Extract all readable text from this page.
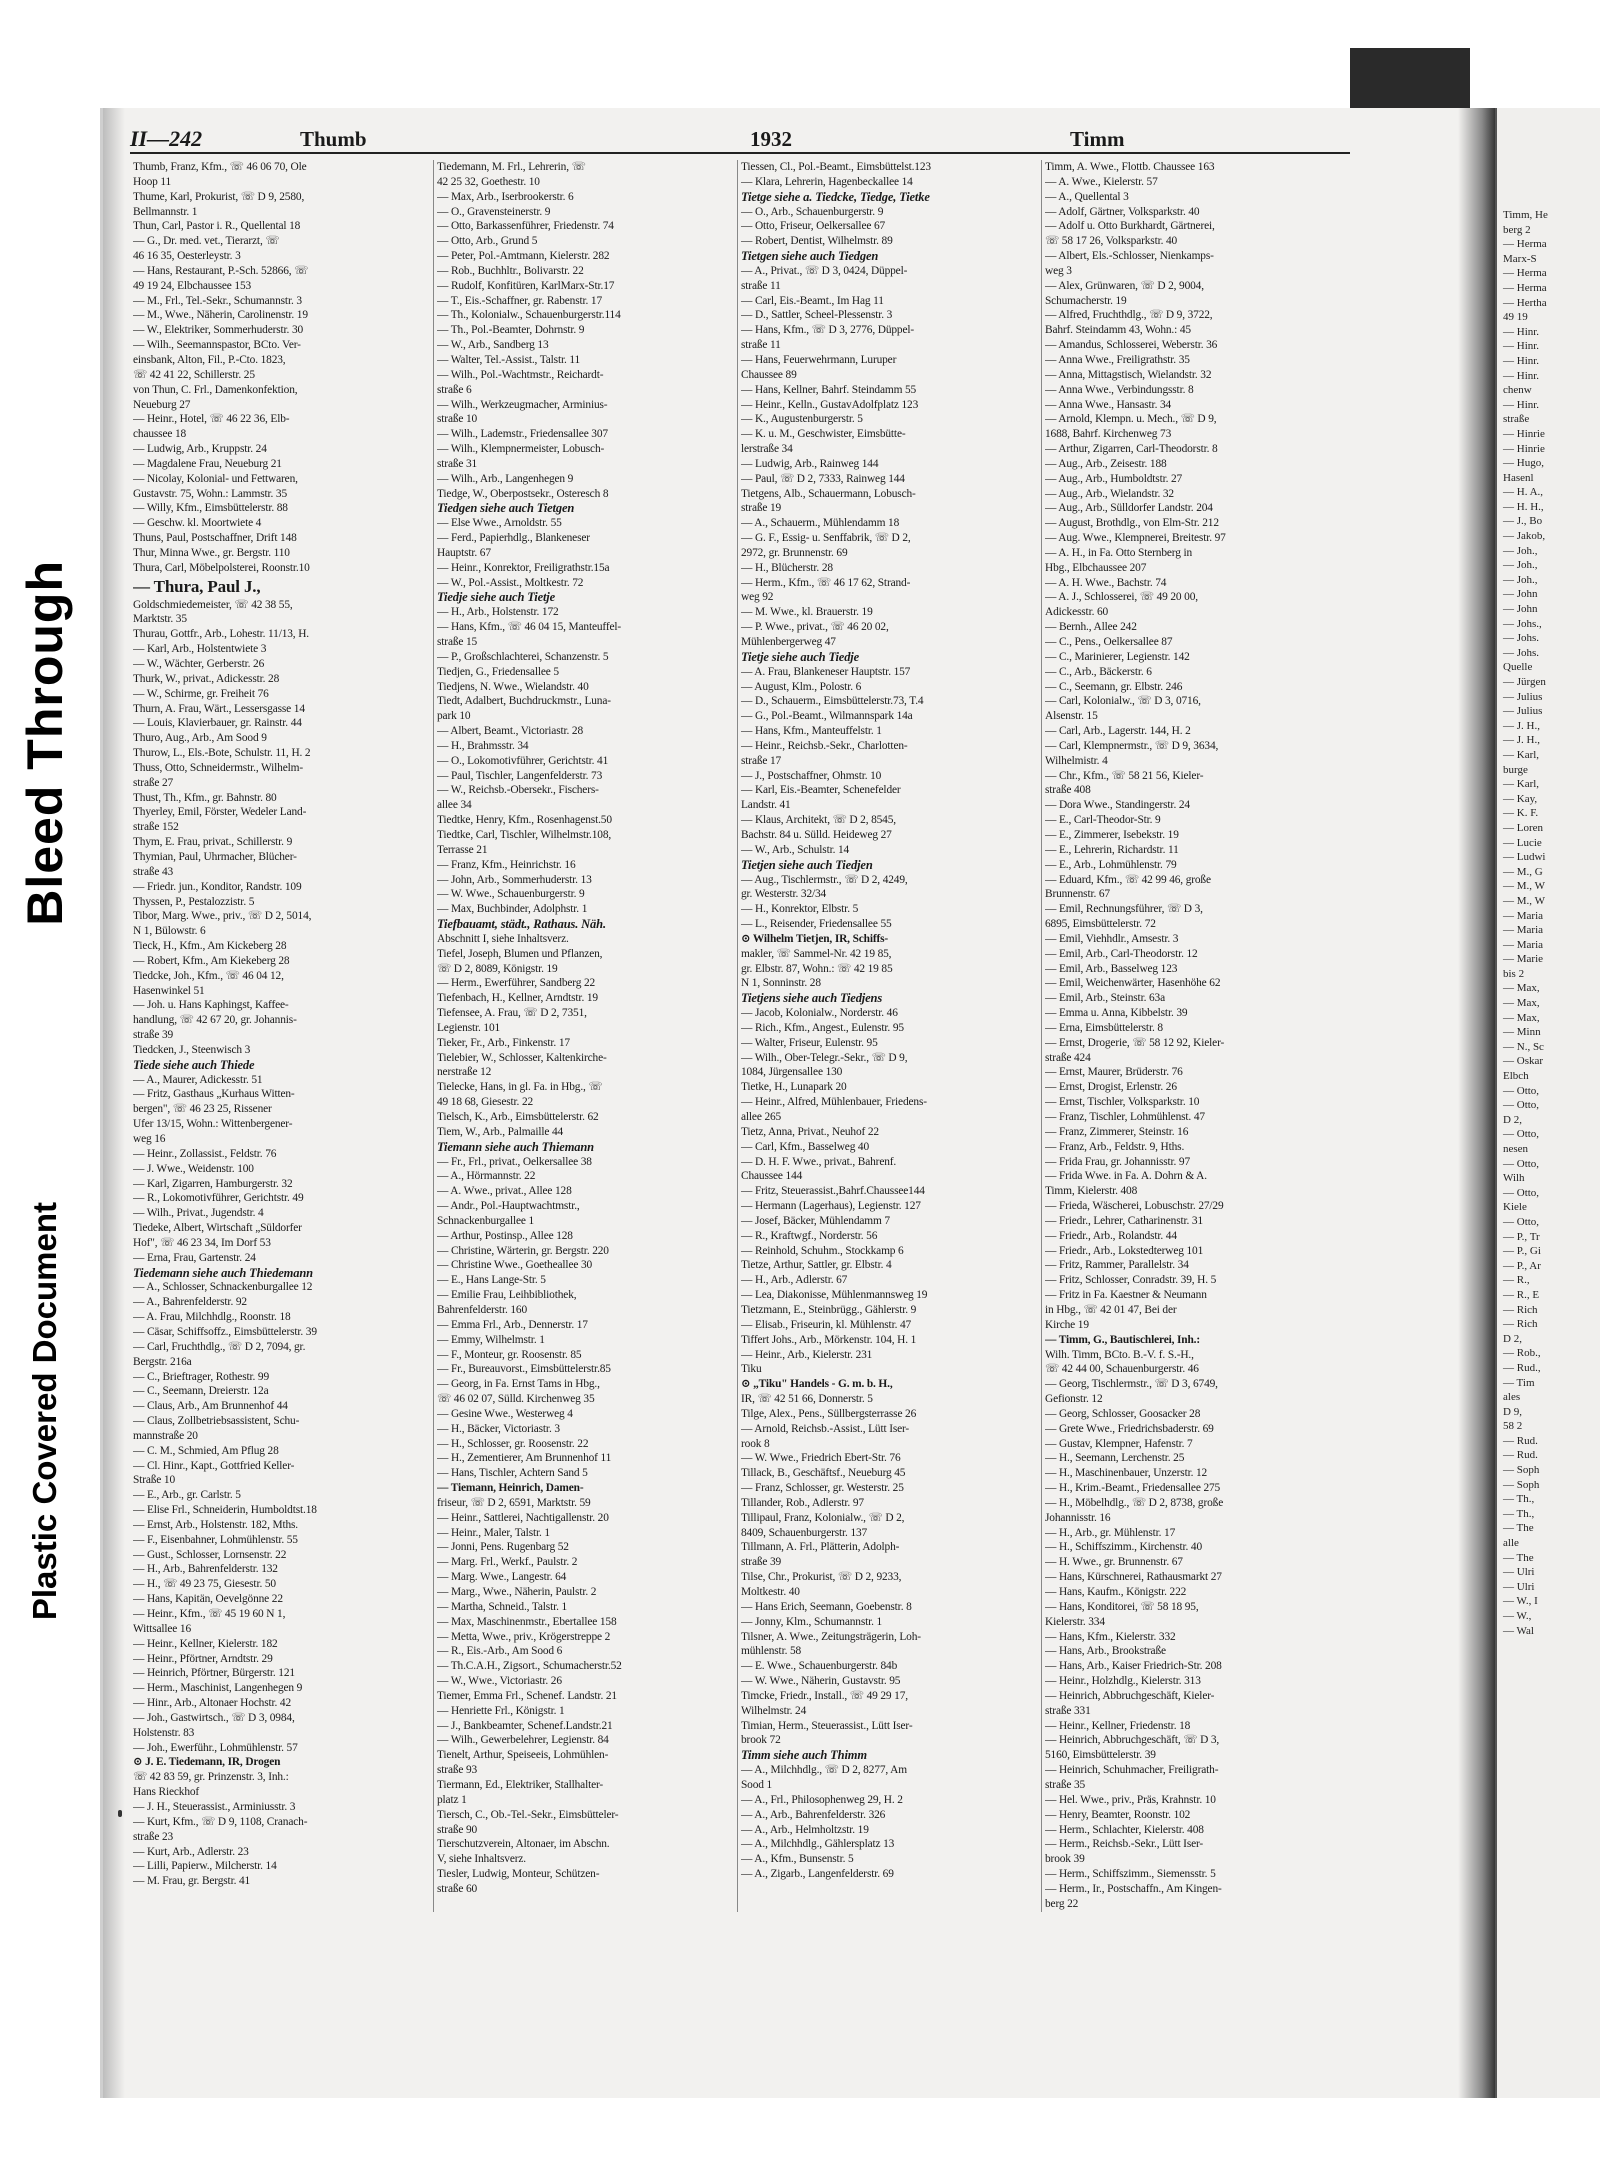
Bleed Through
Plastic Covered Document
Timm, He
berg 2
— Herma
Marx-S
— Herma
— Herma
— Hertha
49 19
— Hinr.
— Hinr.
— Hinr.
— Hinr.
chenw
— Hinr.
straße
— Hinrie
— Hinrie
— Hugo,
Hasenl
— H. A.,
— H. H.,
— J., Bo
— Jakob,
— Joh.,
— Joh.,
— Joh.,
— John
— John
— Johs.,
— Johs.
— Johs.
Quelle
— Jürgen
— Julius
— Julius
— J. H.,
— J. H.,
— Karl,
burge
— Karl,
— Kay,
— K. F.
— Loren
— Lucie
— Ludwi
— M., G
— M., W
— M., W
— Maria
— Maria
— Maria
— Marie
bis 2
— Max,
— Max,
— Max,
— Minn
— N., Sc
— Oskar
Elbch
— Otto,
— Otto,
D 2,
— Otto,
nesen
— Otto,
Wilh
— Otto,
Kiele
— Otto,
— P., Tr
— P., Gi
— P., Ar
— R.,
— R., E
— Rich
— Rich
D 2,
— Rob.,
— Rud.,
— Tim
ales
D 9,
58 2
— Rud.
— Rud.
— Soph
— Soph
— Th.,
— Th.,
— The
alle
— The
— Ulri
— Ulri
— W., I
— W.,
— Wal
II—242	Thumb	1932	Timm
Thumb, Franz, Kfm., ☏ 46 06 70, Ole
Hoop 11
Thume, Karl, Prokurist, ☏ D 9, 2580,
Bellmannstr. 1
Thun, Carl, Pastor i. R., Quellental 18
— G., Dr. med. vet., Tierarzt, ☏
46 16 35, Oesterleystr. 3
— Hans, Restaurant, P.-Sch. 52866, ☏
49 19 24, Elbchaussee 153
— M., Frl., Tel.-Sekr., Schumannstr. 3
— M., Wwe., Näherin, Carolinenstr. 19
— W., Elektriker, Sommerhuderstr. 30
— Wilh., Seemannspastor, BCto. Ver-
einsbank, Alton, Fil., P.-Cto. 1823,
☏ 42 41 22, Schillerstr. 25
von Thun, C. Frl., Damenkonfektion,
Neueburg 27
— Heinr., Hotel, ☏ 46 22 36, Elb-
chaussee 18
— Ludwig, Arb., Kruppstr. 24
— Magdalene Frau, Neueburg 21
— Nicolay, Kolonial- und Fettwaren,
Gustavstr. 75, Wohn.: Lammstr. 35
— Willy, Kfm., Eimsbüttelerstr. 88
— Geschw. kl. Moortwiete 4
Thuns, Paul, Postschaffner, Drift 148
Thur, Minna Wwe., gr. Bergstr. 110
Thura, Carl, Möbelpolsterei, Roonstr.10
— Thura, Paul J.,
Goldschmiedemeister, ☏ 42 38 55,
Marktstr. 35
Thurau, Gottfr., Arb., Lohestr. 11/13, H.
— Karl, Arb., Holstentwiete 3
— W., Wächter, Gerberstr. 26
Thurk, W., privat., Adickesstr. 28
— W., Schirme, gr. Freiheit 76
Thurn, A. Frau, Wärt., Lessersgasse 14
— Louis, Klavierbauer, gr. Rainstr. 44
Thuro, Aug., Arb., Am Sood 9
Thurow, L., Els.-Bote, Schulstr. 11, H. 2
Thuss, Otto, Schneidermstr., Wilhelm-
straße 27
Thust, Th., Kfm., gr. Bahnstr. 80
Thyerley, Emil, Förster, Wedeler Land-
straße 152
Thym, E. Frau, privat., Schillerstr. 9
Thymian, Paul, Uhrmacher, Blücher-
straße 43
— Friedr. jun., Konditor, Randstr. 109
Thyssen, P., Pestalozzistr. 5
Tibor, Marg. Wwe., priv., ☏ D 2, 5014,
N 1, Bülowstr. 6
Tieck, H., Kfm., Am Kickeberg 28
— Robert, Kfm., Am Kiekeberg 28
Tiedcke, Joh., Kfm., ☏ 46 04 12,
Hasenwinkel 51
— Joh. u. Hans Kaphingst, Kaffee-
handlung, ☏ 42 67 20, gr. Johannis-
straße 39
Tiedcken, J., Steenwisch 3
Tiede siehe auch Thiede
— A., Maurer, Adickesstr. 51
— Fritz, Gasthaus „Kurhaus Witten-
bergen", ☏ 46 23 25, Rissener
Ufer 13/15, Wohn.: Wittenbergener-
weg 16
— Heinr., Zollassist., Feldstr. 76
— J. Wwe., Weidenstr. 100
— Karl, Zigarren, Hamburgerstr. 32
— R., Lokomotivführer, Gerichtstr. 49
— Wilh., Privat., Jugendstr. 4
Tiedeke, Albert, Wirtschaft „Süldorfer
Hof", ☏ 46 23 34, Im Dorf 53
— Erna, Frau, Gartenstr. 24
Tiedemann siehe auch Thiedemann
— A., Schlosser, Schnackenburgallee 12
— A., Bahrenfelderstr. 92
— A. Frau, Milchhdlg., Roonstr. 18
— Cäsar, Schiffsoffz., Eimsbüttelerstr. 39
— Carl, Fruchthdlg., ☏ D 2, 7094, gr.
Bergstr. 216a
— C., Brieftrager, Rothestr. 99
— C., Seemann, Dreierstr. 12a
— Claus, Arb., Am Brunnenhof 44
— Claus, Zollbetriebsassistent, Schu-
mannstraße 20
— C. M., Schmied, Am Pflug 28
— Cl. Hinr., Kapt., Gottfried Keller-
Straße 10
— E., Arb., gr. Carlstr. 5
— Elise Frl., Schneiderin, Humboldtst.18
— Ernst, Arb., Holstenstr. 182, Mths.
— F., Eisenbahner, Lohmühlenstr. 55
— Gust., Schlosser, Lornsenstr. 22
— H., Arb., Bahrenfelderstr. 132
— H., ☏ 49 23 75, Giesestr. 50
— Hans, Kapitän, Oevelgönne 22
— Heinr., Kfm., ☏ 45 19 60 N 1,
Wittsallee 16
— Heinr., Kellner, Kielerstr. 182
— Heinr., Pförtner, Arndtstr. 29
— Heinrich, Pförtner, Bürgerstr. 121
— Herm., Maschinist, Langenhegen 9
— Hinr., Arb., Altonaer Hochstr. 42
— Joh., Gastwirtsch., ☏ D 3, 0984,
Holstenstr. 83
— Joh., Ewerführ., Lohmühlenstr. 57
⊙ J. E. Tiedemann, IR, Drogen
☏ 42 83 59, gr. Prinzenstr. 3, Inh.:
Hans Rieckhof
— J. H., Steuerassist., Arminiusstr. 3
— Kurt, Kfm., ☏ D 9, 1108, Cranach-
straße 23
— Kurt, Arb., Adlerstr. 23
— Lilli, Papierw., Milcherstr. 14
— M. Frau, gr. Bergstr. 41
Tiedemann, M. Frl., Lehrerin, ☏
42 25 32, Goethestr. 10
— Max, Arb., Iserbrookerstr. 6
— O., Gravensteinerstr. 9
— Otto, Barkassenführer, Friedenstr. 74
— Otto, Arb., Grund 5
— Peter, Pol.-Amtmann, Kielerstr. 282
— Rob., Buchhltr., Bolivarstr. 22
— Rudolf, Konfitüren, KarlMarx-Str.17
— T., Eis.-Schaffner, gr. Rabenstr. 17
— Th., Kolonialw., Schauenburgerstr.114
— Th., Pol.-Beamter, Dohrnstr. 9
— W., Arb., Sandberg 13
— Walter, Tel.-Assist., Talstr. 11
— Wilh., Pol.-Wachtmstr., Reichardt-
straße 6
— Wilh., Werkzeugmacher, Arminius-
straße 10
— Wilh., Lademstr., Friedensallee 307
— Wilh., Klempnermeister, Lobusch-
straße 31
— Wilh., Arb., Langenhegen 9
Tiedge, W., Oberpostsekr., Osteresch 8
Tiedgen siehe auch Tietgen
— Else Wwe., Arnoldstr. 55
— Ferd., Papierhdlg., Blankeneser
Hauptstr. 67
— Heinr., Konrektor, Freiligrathstr.15a
— W., Pol.-Assist., Moltkestr. 72
Tiedje siehe auch Tietje
— H., Arb., Holstenstr. 172
— Hans, Kfm., ☏ 46 04 15, Manteuffel-
straße 15
— P., Großschlachterei, Schanzenstr. 5
Tiedjen, G., Friedensallee 5
Tiedjens, N. Wwe., Wielandstr. 40
Tiedt, Adalbert, Buchdruckmstr., Luna-
park 10
— Albert, Beamt., Victoriastr. 28
— H., Brahmsstr. 34
— O., Lokomotivführer, Gerichtstr. 41
— Paul, Tischler, Langenfelderstr. 73
— W., Reichsb.-Obersekr., Fischers-
allee 34
Tiedtke, Henry, Kfm., Rosenhagenst.50
Tiedtke, Carl, Tischler, Wilhelmstr.108,
Terrasse 21
— Franz, Kfm., Heinrichstr. 16
— John, Arb., Sommerhuderstr. 13
— W. Wwe., Schauenburgerstr. 9
— Max, Buchbinder, Adolphstr. 1
Tiefbauamt, städt., Rathaus. Näh.
Abschnitt I, siehe Inhaltsverz.
Tiefel, Joseph, Blumen und Pflanzen,
☏ D 2, 8089, Königstr. 19
— Herm., Ewerführer, Sandberg 22
Tiefenbach, H., Kellner, Arndtstr. 19
Tiefensee, A. Frau, ☏ D 2, 7351,
Legienstr. 101
Tieker, Fr., Arb., Finkenstr. 17
Tielebier, W., Schlosser, Kaltenkirche-
nerstraße 12
Tielecke, Hans, in gl. Fa. in Hbg., ☏
49 18 68, Giesestr. 22
Tielsch, K., Arb., Eimsbüttelerstr. 62
Tiem, W., Arb., Palmaille 44
Tiemann siehe auch Thiemann
— Fr., Frl., privat., Oelkersallee 38
— A., Hörmannstr. 22
— A. Wwe., privat., Allee 128
— Andr., Pol.-Hauptwachtmstr.,
Schnackenburgallee 1
— Arthur, Postinsp., Allee 128
— Christine, Wärterin, gr. Bergstr. 220
— Christine Wwe., Goetheallee 30
— E., Hans Lange-Str. 5
— Emilie Frau, Leihbibliothek,
Bahrenfelderstr. 160
— Emma Frl., Arb., Dennerstr. 17
— Emmy, Wilhelmstr. 1
— F., Monteur, gr. Roosenstr. 85
— Fr., Bureauvorst., Eimsbüttelerstr.85
— Georg, in Fa. Ernst Tams in Hbg.,
☏ 46 02 07, Sülld. Kirchenweg 35
— Gesine Wwe., Westerweg 4
— H., Bäcker, Victoriastr. 3
— H., Schlosser, gr. Roosenstr. 22
— H., Zementierer, Am Brunnenhof 11
— Hans, Tischler, Achtern Sand 5
— Tiemann, Heinrich, Damen-
friseur, ☏ D 2, 6591, Marktstr. 59
— Heinr., Sattlerei, Nachtigallenstr. 20
— Heinr., Maler, Talstr. 1
— Jonni, Pens. Rugenbarg 52
— Marg. Frl., Werkf., Paulstr. 2
— Marg. Wwe., Langestr. 64
— Marg., Wwe., Näherin, Paulstr. 2
— Martha, Schneid., Talstr. 1
— Max, Maschinenmstr., Ebertallee 158
— Metta, Wwe., priv., Krögerstreppe 2
— R., Eis.-Arb., Am Sood 6
— Th.C.A.H., Zigsort., Schumacherstr.52
— W., Wwe., Victoriastr. 26
Tiemer, Emma Frl., Schenef. Landstr. 21
— Henriette Frl., Königstr. 1
— J., Bankbeamter, Schenef.Landstr.21
— Wilh., Gewerbelehrer, Legienstr. 84
Tienelt, Arthur, Speiseeis, Lohmühlen-
straße 93
Tiermann, Ed., Elektriker, Stallhalter-
platz 1
Tiersch, C., Ob.-Tel.-Sekr., Eimsbütteler-
straße 90
Tierschutzverein, Altonaer, im Abschn.
V, siehe Inhaltsverz.
Tiesler, Ludwig, Monteur, Schützen-
straße 60
Tiessen, Cl., Pol.-Beamt., Eimsbüttelst.123
— Klara, Lehrerin, Hagenbeckallee 14
Tietge siehe a. Tiedcke, Tiedge, Tietke
— O., Arb., Schauenburgerstr. 9
— Otto, Friseur, Oelkersallee 67
— Robert, Dentist, Wilhelmstr. 89
Tietgen siehe auch Tiedgen
— A., Privat., ☏ D 3, 0424, Düppel-
straße 11
— Carl, Eis.-Beamt., Im Hag 11
— D., Sattler, Scheel-Plessenstr. 3
— Hans, Kfm., ☏ D 3, 2776, Düppel-
straße 11
— Hans, Feuerwehrmann, Luruper
Chaussee 89
— Hans, Kellner, Bahrf. Steindamm 55
— Heinr., Kelln., GustavAdolfplatz 123
— K., Augustenburgerstr. 5
— K. u. M., Geschwister, Eimsbütte-
lerstraße 34
— Ludwig, Arb., Rainweg 144
— Paul, ☏ D 2, 7333, Rainweg 144
Tietgens, Alb., Schauermann, Lobusch-
straße 19
— A., Schauerm., Mühlendamm 18
— G. F., Essig- u. Senffabrik, ☏ D 2,
2972, gr. Brunnenstr. 69
— H., Blücherstr. 28
— Herm., Kfm., ☏ 46 17 62, Strand-
weg 92
— M. Wwe., kl. Brauerstr. 19
— P. Wwe., privat., ☏ 46 20 02,
Mühlenbergerweg 47
Tietje siehe auch Tiedje
— A. Frau, Blankeneser Hauptstr. 157
— August, Klm., Polostr. 6
— D., Schauerm., Eimsbüttelerstr.73, T.4
— G., Pol.-Beamt., Wilmannspark 14a
— Hans, Kfm., Manteuffelstr. 1
— Heinr., Reichsb.-Sekr., Charlotten-
straße 17
— J., Postschaffner, Ohmstr. 10
— Karl, Eis.-Beamter, Schenefelder
Landstr. 41
— Klaus, Architekt, ☏ D 2, 8545,
Bachstr. 84 u. Sülld. Heideweg 27
— W., Arb., Schulstr. 14
Tietjen siehe auch Tiedjen
— Aug., Tischlermstr., ☏ D 2, 4249,
gr. Westerstr. 32/34
— H., Konrektor, Elbstr. 5
— L., Reisender, Friedensallee 55
⊙ Wilhelm Tietjen, IR, Schiffs-
makler, ☏ Sammel-Nr. 42 19 85,
gr. Elbstr. 87, Wohn.: ☏ 42 19 85
N 1, Sonninstr. 28
Tietjens siehe auch Tiedjens
— Jacob, Kolonialw., Norderstr. 46
— Rich., Kfm., Angest., Eulenstr. 95
— Walter, Friseur, Eulenstr. 95
— Wilh., Ober-Telegr.-Sekr., ☏ D 9,
1084, Jürgensallee 130
Tietke, H., Lunapark 20
— Heinr., Alfred, Mühlenbauer, Friedens-
allee 265
Tietz, Anna, Privat., Neuhof 22
— Carl, Kfm., Basselweg 40
— D. H. F. Wwe., privat., Bahrenf.
Chaussee 144
— Fritz, Steuerassist.,Bahrf.Chaussee144
— Hermann (Lagerhaus), Legienstr. 127
— Josef, Bäcker, Mühlendamm 7
— R., Kraftwgf., Norderstr. 56
— Reinhold, Schuhm., Stockkamp 6
Tietze, Arthur, Sattler, gr. Elbstr. 4
— H., Arb., Adlerstr. 67
— Lea, Diakonisse, Mühlenmannsweg 19
Tietzmann, E., Steinbrügg., Gählerstr. 9
— Elisab., Friseurin, kl. Mühlenstr. 47
Tiffert Johs., Arb., Mörkenstr. 104, H. 1
— Heinr., Arb., Kielerstr. 231
Tiku
⊙ „Tiku" Handels - G. m. b. H.,
IR, ☏ 42 51 66, Donnerstr. 5
Tilge, Alex., Pens., Süllbergsterrasse 26
— Arnold, Reichsb.-Assist., Lütt Iser-
rook 8
— W. Wwe., Friedrich Ebert-Str. 76
Tillack, B., Geschäftsf., Neueburg 45
— Franz, Schlosser, gr. Westerstr. 25
Tillander, Rob., Adlerstr. 97
Tillipaul, Franz, Kolonialw., ☏ D 2,
8409, Schauenburgerstr. 137
Tillmann, A. Frl., Plätterin, Adolph-
straße 39
Tilse, Chr., Prokurist, ☏ D 2, 9233,
Moltkestr. 40
— Hans Erich, Seemann, Goebenstr. 8
— Jonny, Klm., Schumannstr. 1
Tilsner, A. Wwe., Zeitungsträgerin, Loh-
mühlenstr. 58
— E. Wwe., Schauenburgerstr. 84b
— W. Wwe., Näherin, Gustavstr. 95
Timcke, Friedr., Install., ☏ 49 29 17,
Wilhelmstr. 24
Timian, Herm., Steuerassist., Lütt Iser-
brook 72
Timm siehe auch Thimm
— A., Milchhdlg., ☏ D 2, 8277, Am
Sood 1
— A., Frl., Philosophenweg 29, H. 2
— A., Arb., Bahrenfelderstr. 326
— A., Arb., Helmholtzstr. 19
— A., Milchhdlg., Gählersplatz 13
— A., Kfm., Bunsenstr. 5
— A., Zigarb., Langenfelderstr. 69
Timm, A. Wwe., Flottb. Chaussee 163
— A. Wwe., Kielerstr. 57
— A., Quellental 3
— Adolf, Gärtner, Volksparkstr. 40
— Adolf u. Otto Burkhardt, Gärtnerei,
☏ 58 17 26, Volksparkstr. 40
— Albert, Els.-Schlosser, Nienkamps-
weg 3
— Alex, Grünwaren, ☏ D 2, 9004,
Schumacherstr. 19
— Alfred, Fruchthdlg., ☏ D 9, 3722,
Bahrf. Steindamm 43, Wohn.: 45
— Amandus, Schlosserei, Weberstr. 36
— Anna Wwe., Freiligrathstr. 35
— Anna, Mittagstisch, Wielandstr. 32
— Anna Wwe., Verbindungsstr. 8
— Anna Wwe., Hansastr. 34
— Arnold, Klempn. u. Mech., ☏ D 9,
1688, Bahrf. Kirchenweg 73
— Arthur, Zigarren, Carl-Theodorstr. 8
— Aug., Arb., Zeisestr. 188
— Aug., Arb., Humboldtstr. 27
— Aug., Arb., Wielandstr. 32
— Aug., Arb., Sülldorfer Landstr. 204
— August, Brothdlg., von Elm-Str. 212
— Aug. Wwe., Klempnerei, Breitestr. 97
— A. H., in Fa. Otto Sternberg in
Hbg., Elbchaussee 207
— A. H. Wwe., Bachstr. 74
— A. J., Schlosserei, ☏ 49 20 00,
Adickesstr. 60
— Bernh., Allee 242
— C., Pens., Oelkersallee 87
— C., Marinierer, Legienstr. 142
— C., Arb., Bäckerstr. 6
— C., Seemann, gr. Elbstr. 246
— Carl, Kolonialw., ☏ D 3, 0716,
Alsenstr. 15
— Carl, Arb., Lagerstr. 144, H. 2
— Carl, Klempnermstr., ☏ D 9, 3634,
Wilhelmistr. 4
— Chr., Kfm., ☏ 58 21 56, Kieler-
straße 408
— Dora Wwe., Standingerstr. 24
— E., Carl-Theodor-Str. 9
— E., Zimmerer, Isebekstr. 19
— E., Lehrerin, Richardstr. 11
— E., Arb., Lohmühlenstr. 79
— Eduard, Kfm., ☏ 42 99 46, große
Brunnenstr. 67
— Emil, Rechnungsführer, ☏ D 3,
6895, Eimsbüttelerstr. 72
— Emil, Viehhdlr., Amsestr. 3
— Emil, Arb., Carl-Theodorstr. 12
— Emil, Arb., Basselweg 123
— Emil, Weichenwärter, Hasenhöhe 62
— Emil, Arb., Steinstr. 63a
— Emma u. Anna, Kibbelstr. 39
— Erna, Eimsbüttelerstr. 8
— Ernst, Drogerie, ☏ 58 12 92, Kieler-
straße 424
— Ernst, Maurer, Brüderstr. 76
— Ernst, Drogist, Erlenstr. 26
— Ernst, Tischler, Volksparkstr. 10
— Franz, Tischler, Lohmühlenst. 47
— Franz, Zimmerer, Steinstr. 16
— Franz, Arb., Feldstr. 9, Hths.
— Frida Frau, gr. Johannisstr. 97
— Frida Wwe. in Fa. A. Dohrn & A.
Timm, Kielerstr. 408
— Frieda, Wäscherei, Lobuschstr. 27/29
— Friedr., Lehrer, Catharinenstr. 31
— Friedr., Arb., Rolandstr. 44
— Friedr., Arb., Lokstedterweg 101
— Fritz, Rammer, Parallelstr. 34
— Fritz, Schlosser, Conradstr. 39, H. 5
— Fritz in Fa. Kaestner & Neumann
in Hbg., ☏ 42 01 47, Bei der
Kirche 19
— Timm, G., Bautischlerei, Inh.:
Wilh. Timm, BCto. B.-V. f. S.-H.,
☏ 42 44 00, Schauenburgerstr. 46
— Georg, Tischlermstr., ☏ D 3, 6749,
Gefionstr. 12
— Georg, Schlosser, Goosacker 28
— Grete Wwe., Friedrichsbaderstr. 69
— Gustav, Klempner, Hafenstr. 7
— H., Seemann, Lerchenstr. 25
— H., Maschinenbauer, Unzerstr. 12
— H., Krim.-Beamt., Friedensallee 275
— H., Möbelhdlg., ☏ D 2, 8738, große
Johannisstr. 16
— H., Arb., gr. Mühlenstr. 17
— H., Schiffszimm., Kirchenstr. 40
— H. Wwe., gr. Brunnenstr. 67
— Hans, Kürschnerei, Rathausmarkt 27
— Hans, Kaufm., Königstr. 222
— Hans, Konditorei, ☏ 58 18 95,
Kielerstr. 334
— Hans, Kfm., Kielerstr. 332
— Hans, Arb., Brookstraße
— Hans, Arb., Kaiser Friedrich-Str. 208
— Heinr., Holzhdlg., Kielerstr. 313
— Heinrich, Abbruchgeschäft, Kieler-
straße 331
— Heinr., Kellner, Friedenstr. 18
— Heinrich, Abbruchgeschäft, ☏ D 3,
5160, Eimsbüttelerstr. 39
— Heinrich, Schuhmacher, Freiligrath-
straße 35
— Hel. Wwe., priv., Präs, Krahnstr. 10
— Henry, Beamter, Roonstr. 102
— Herm., Schlachter, Kielerstr. 408
— Herm., Reichsb.-Sekr., Lütt Iser-
brook 39
— Herm., Schiffszimm., Siemensstr. 5
— Herm., Ir., Postschaffn., Am Kingen-
berg 22
